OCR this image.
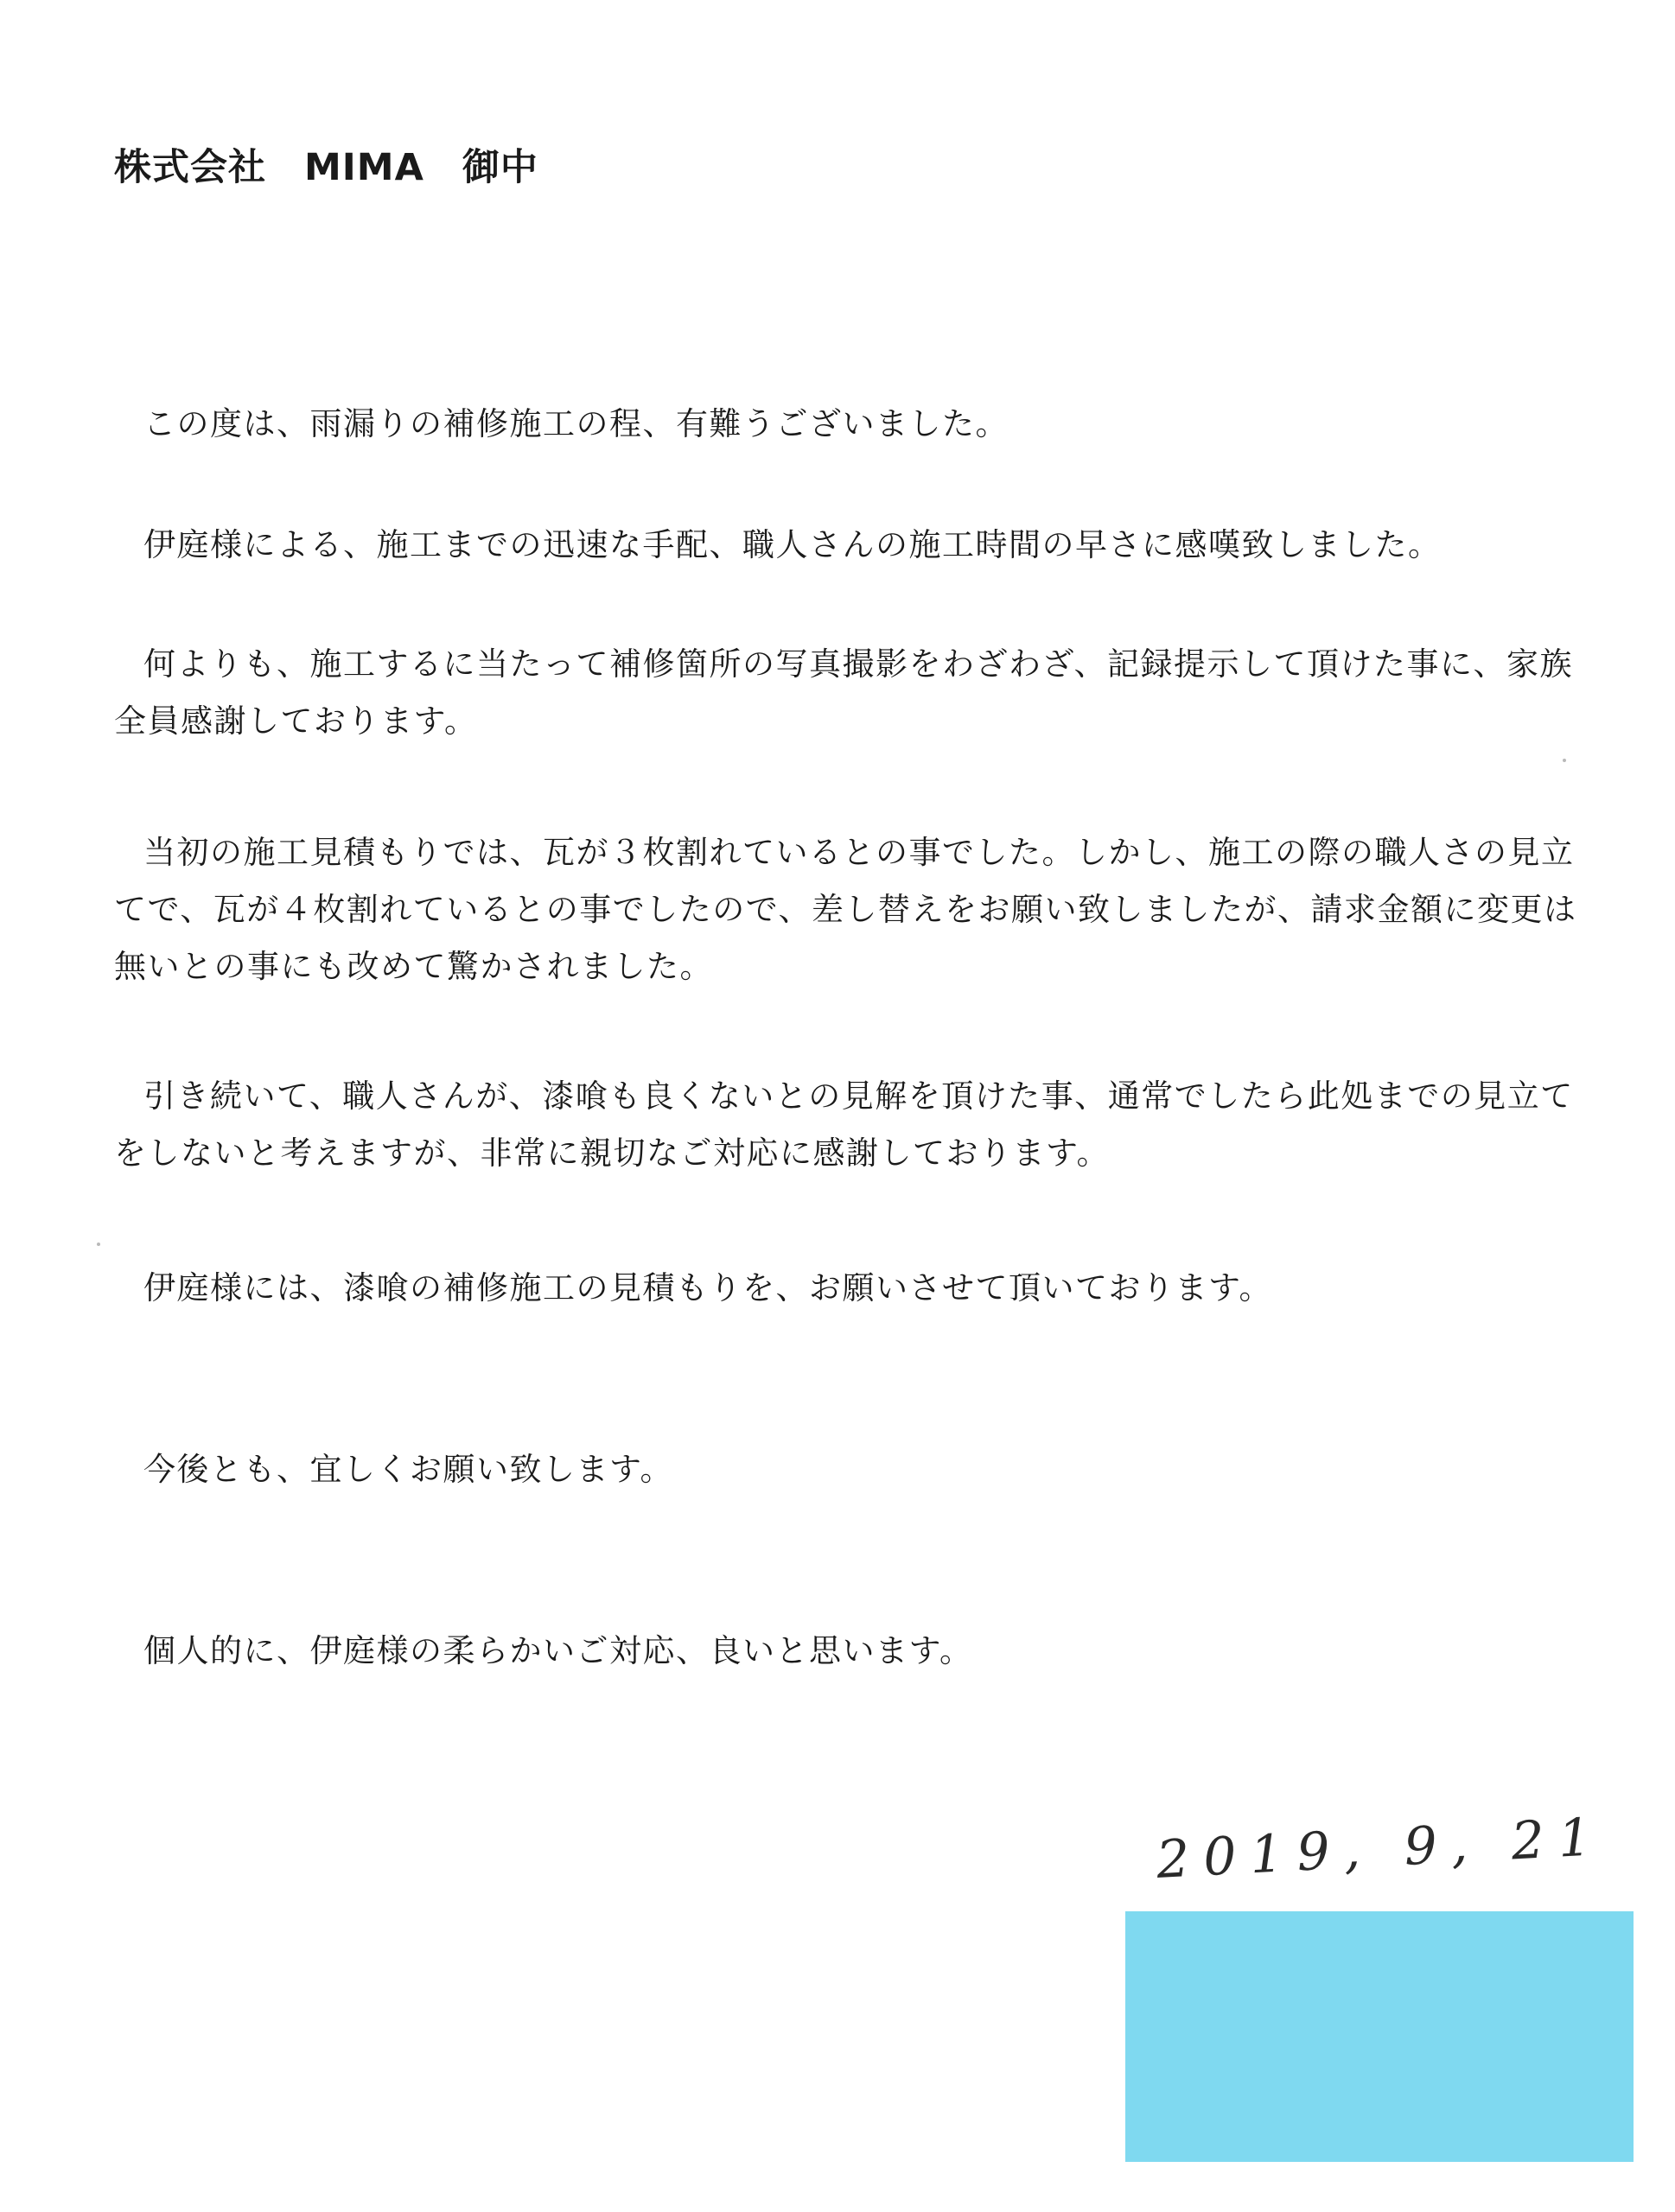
株式会社　MIMA　御中

この度は、雨漏りの補修施工の程、有難うございました。

伊庭様による、施工までの迅速な手配、職人さんの施工時間の早さに感嘆致しました。

何よりも、施工するに当たって補修箇所の写真撮影をわざわざ、記録提示して頂けた事に、家族全員感謝しております。

当初の施工見積もりでは、瓦が３枚割れているとの事でした。しかし、施工の際の職人さの見立てで、瓦が４枚割れているとの事でしたので、差し替えをお願い致しましたが、請求金額に変更は無いとの事にも改めて驚かされました。

引き続いて、職人さんが、漆喰も良くないとの見解を頂けた事、通常でしたら此処までの見立てをしないと考えますが、非常に親切なご対応に感謝しております。

伊庭様には、漆喰の補修施工の見積もりを、お願いさせて頂いております。

今後とも、宜しくお願い致します。

個人的に、伊庭様の柔らかいご対応、良いと思います。

2019, 9, 21
